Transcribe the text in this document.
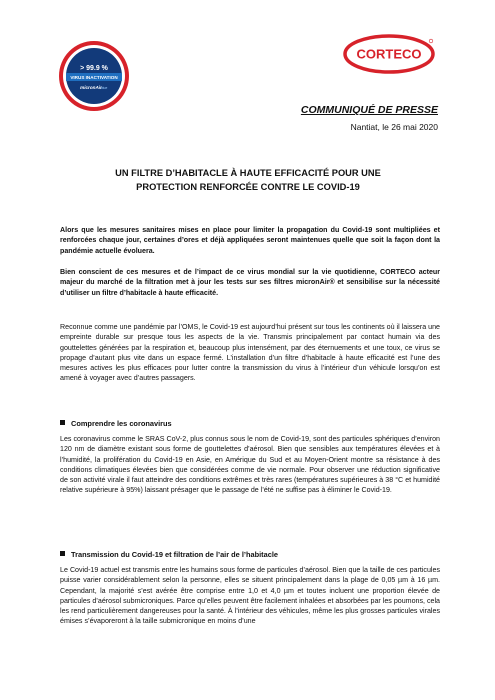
> 99.9 %
VIRUS INACTIVATION
micronAir
blue
CORTECO
COMMUNIQUÉ DE PRESSE
Nantiat, le 26 mai 2020
UN FILTRE D’HABITACLE À HAUTE EFFICACITÉ POUR UNE
PROTECTION RENFORCÉE CONTRE LE COVID-19
Alors que les mesures sanitaires mises en place pour limiter la propagation du Covid-19 sont multipliées et renforcées chaque jour, certaines d’ores et déjà appliquées seront maintenues quelle que soit la façon dont la pandémie actuelle évoluera.
Bien conscient de ces mesures et de l’impact de ce virus mondial sur la vie quotidienne, CORTECO acteur majeur du marché de la filtration met à jour les tests sur ses filtres micronAir® et sensibilise sur la nécessité d’utiliser un filtre d’habitacle à haute efficacité.
Reconnue comme une pandémie par l’OMS, le Covid-19 est aujourd’hui présent sur tous les continents où il laissera une empreinte durable sur presque tous les aspects de la vie. Transmis principalement par contact humain via des gouttelettes générées par la respiration et, beaucoup plus intensément, par des éternuements et une toux, ce virus se propage d’autant plus vite dans un espace fermé. L’installation d’un filtre d’habitacle à haute efficacité est l’une des mesures actives les plus efficaces pour lutter contre la transmission du virus à l’intérieur d’un véhicule lorsqu’on est amené à voyager avec d’autres passagers.
Comprendre les coronavirus
Les coronavirus comme le SRAS CoV-2, plus connus sous le nom de Covid-19, sont des particules sphériques d’environ 120 nm de diamètre existant sous forme de gouttelettes d’aérosol. Bien que sensibles aux températures élevées et à l’humidité, la prolifération du Covid-19 en Asie, en Amérique du Sud et au Moyen-Orient montre sa résistance à des conditions climatiques élevées bien que considérées comme de vie normale. Pour observer une réduction significative de son activité virale il faut atteindre des conditions extrêmes et très rares (températures supérieures à 38 °C et humidité relative supérieure à 95%) laissant présager que le passage de l’été ne suffise pas à éliminer le Covid-19.
Transmission du Covid-19 et filtration de l’air de l’habitacle
Le Covid-19 actuel est transmis entre les humains sous forme de particules d’aérosol. Bien que la taille de ces particules puisse varier considérablement selon la personne, elles se situent principalement dans la plage de 0,05 µm à 16 µm. Cependant, la majorité s’est avérée être comprise entre 1,0 et 4,0 µm et toutes incluent une proportion élevée de particules d’aérosol submicroniques. Parce qu’elles peuvent être facilement inhalées et absorbées par les poumons, cela les rend particulièrement dangereuses pour la santé. À l’intérieur des véhicules, même les plus grosses particules virales émises s’évaporeront à la taille submicronique en moins d’une
